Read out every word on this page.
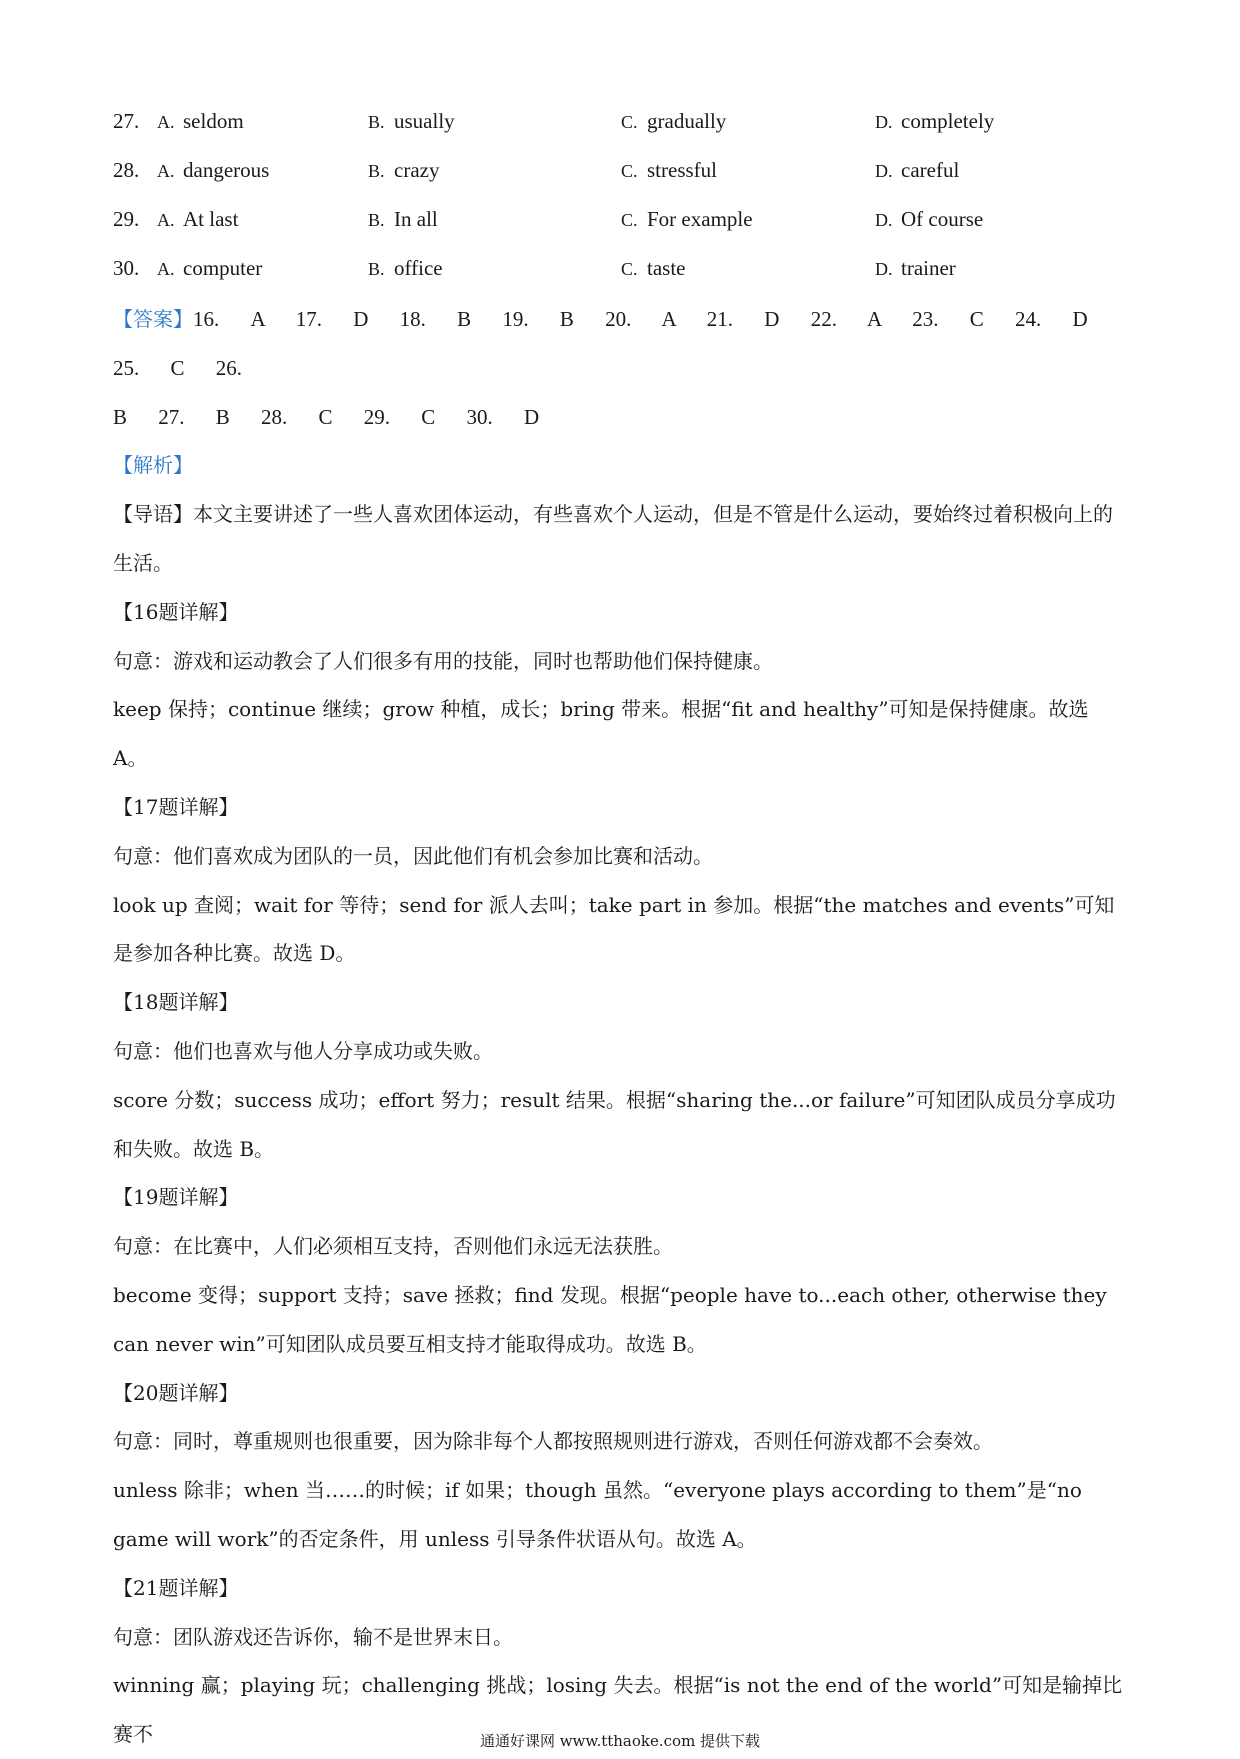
27. A. seldom	B. usually	C. gradually	D. completely
28. A. dangerous	B. crazy	C. stressful	D. careful
29. A. At last	B. In all	C. For example	D. Of course
30. A. computer	B. office	C. taste	D. trainer

【答案】16. A 17. D 18. B 19. B 20. A 21. D 22. A 23. C 24. D 25. C 26.

B 27. B 28. C 29. C 30. D

【解析】

【导语】本文主要讲述了一些人喜欢团体运动，有些喜欢个人运动，但是不管是什么运动，要始终过着积极向上的生活。

【16题详解】

句意：游戏和运动教会了人们很多有用的技能，同时也帮助他们保持健康。

keep 保持；continue 继续；grow 种植，成长；bring 带来。根据“fit and healthy”可知是保持健康。故选 A。

【17题详解】

句意：他们喜欢成为团队的一员，因此他们有机会参加比赛和活动。

look up 查阅；wait for 等待；send for 派人去叫；take part in 参加。根据“the matches and events”可知是参加各种比赛。故选 D。

【18题详解】

句意：他们也喜欢与他人分享成功或失败。

score 分数；success 成功；effort 努力；result 结果。根据“sharing the...or failure”可知团队成员分享成功和失败。故选 B。

【19题详解】

句意：在比赛中，人们必须相互支持，否则他们永远无法获胜。

become 变得；support 支持；save 拯救；find 发现。根据“people have to...each other, otherwise they can never win”可知团队成员要互相支持才能取得成功。故选 B。

【20题详解】

句意：同时，尊重规则也很重要，因为除非每个人都按照规则进行游戏，否则任何游戏都不会奏效。

unless 除非；when 当……的时候；if 如果；though 虽然。“everyone plays according to them”是“no game will work”的否定条件，用 unless 引导条件状语从句。故选 A。

【21题详解】

句意：团队游戏还告诉你，输不是世界末日。

winning 赢；playing 玩；challenging 挑战；losing 失去。根据“is not the end of the world”可知是输掉比赛不	通通好课网 www.tthaoke.com 提供下载
